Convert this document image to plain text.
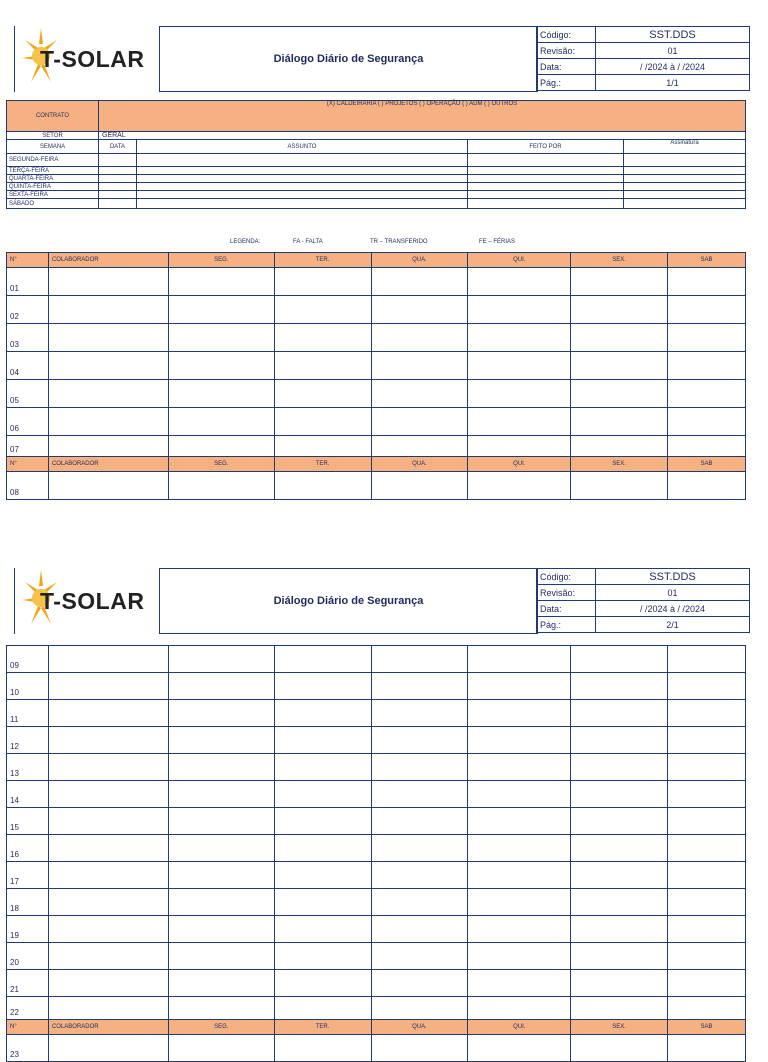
T-SOLAR	Diálogo Diário de Segurança
Código:	SST.DDS
Revisão:	01
Data:	/ /2024 à / /2024
Pág.:	1/1
CONTRATO	(X) CALDEIRARIA ( ) PROJETOS ( ) OPERAÇÃO ( ) ADM ( ) OUTROS			
SETOR	GERAL			
SEMANA	DATA	ASSUNTO	FEITO POR	Assinatura
SEGUNDA-FEIRA				
TERÇA-FEIRA				
QUARTA-FEIRA				
QUINTA-FEIRA				
SEXTA-FEIRA				
SÁBADO				
LEGENDA:	FA - FALTA	TR – TRANSFERIDO	FE – FÉRIAS
N°	COLABORADOR	SEG.	TER.	QUA.	QUI.	SEX.	SAB
01							
02							
03							
04							
05							
06							
07							
N°	COLABORADOR	SEG.	TER.	QUA.	QUI.	SEX.	SAB
08							
T-SOLAR	Diálogo Diário de Segurança
Código:	SST.DDS
Revisão:	01
Data:	/ /2024 à / /2024
Pág.:	2/1
09							
10							
11							
12							
13							
14							
15							
16							
17							
18							
19							
20							
21							
22							
N°	COLABORADOR	SEG.	TER.	QUA.	QUI.	SEX.	SAB
23							
